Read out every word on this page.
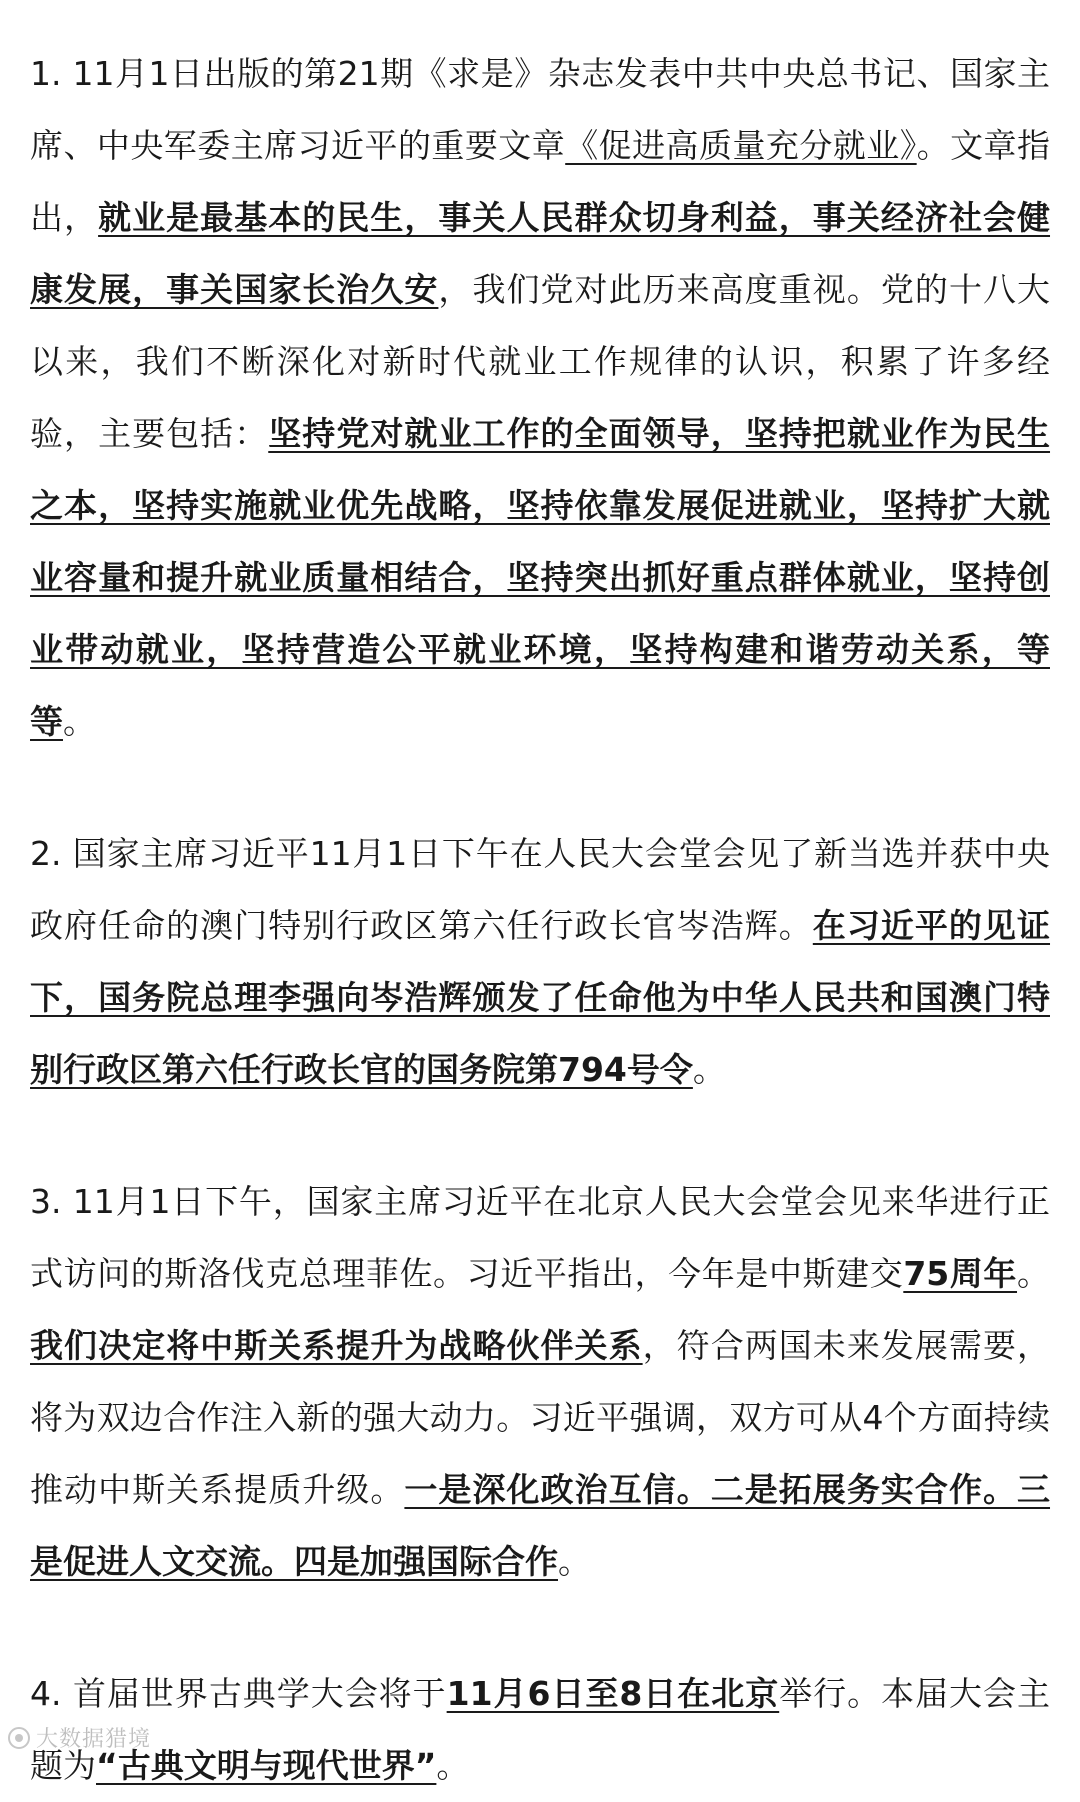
1. 11月1日出版的第21期《求是》杂志发表中共中央总书记、国家主席、中央军委主席习近平的重要文章《促进高质量充分就业》。文章指出，就业是最基本的民生，事关人民群众切身利益，事关经济社会健康发展，事关国家长治久安，我们党对此历来高度重视。党的十八大以来，我们不断深化对新时代就业工作规律的认识，积累了许多经验，主要包括：坚持党对就业工作的全面领导，坚持把就业作为民生之本，坚持实施就业优先战略，坚持依靠发展促进就业，坚持扩大就业容量和提升就业质量相结合，坚持突出抓好重点群体就业，坚持创业带动就业，坚持营造公平就业环境，坚持构建和谐劳动关系，等等。

2. 国家主席习近平11月1日下午在人民大会堂会见了新当选并获中央政府任命的澳门特别行政区第六任行政长官岑浩辉。在习近平的见证下，国务院总理李强向岑浩辉颁发了任命他为中华人民共和国澳门特别行政区第六任行政长官的国务院第794号令。

3. 11月1日下午，国家主席习近平在北京人民大会堂会见来华进行正式访问的斯洛伐克总理菲佐。习近平指出，今年是中斯建交75周年。我们决定将中斯关系提升为战略伙伴关系，符合两国未来发展需要，将为双边合作注入新的强大动力。习近平强调，双方可从4个方面持续推动中斯关系提质升级。一是深化政治互信。二是拓展务实合作。三是促进人文交流。四是加强国际合作。

4. 首届世界古典学大会将于11月6日至8日在北京举行。本届大会主题为“古典文明与现代世界”。

大数据猎境
